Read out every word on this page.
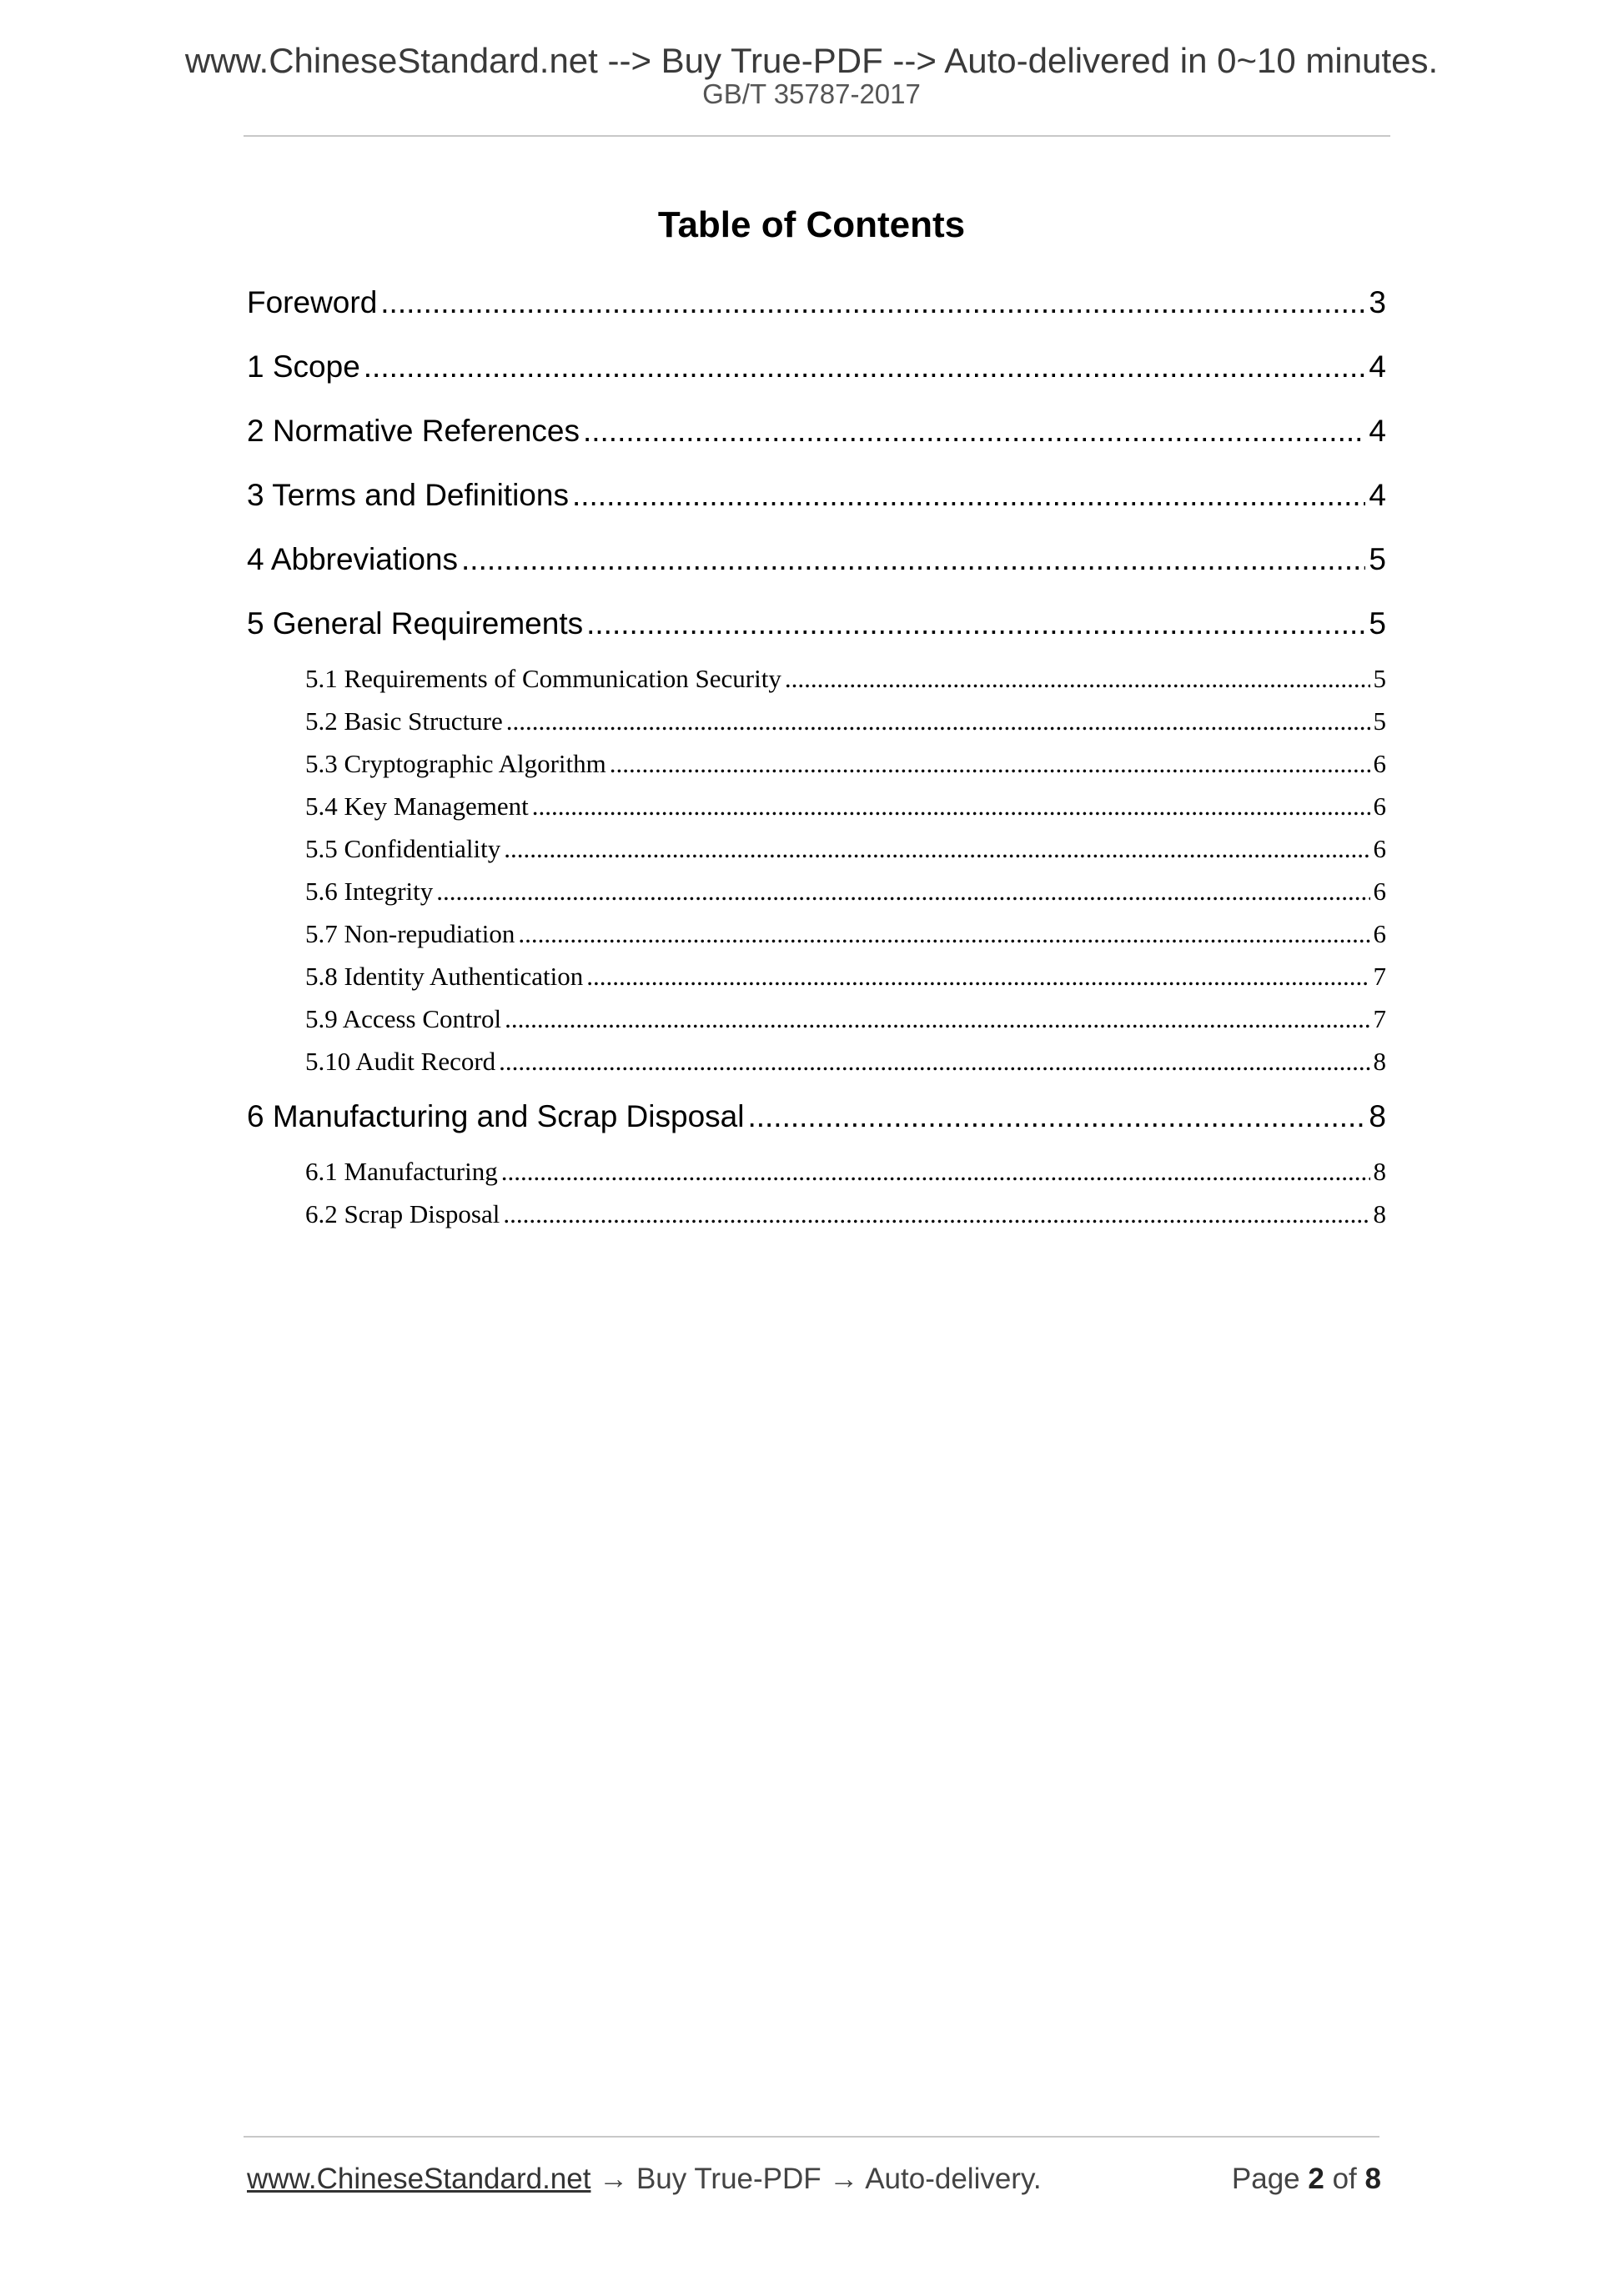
www.ChineseStandard.net --> Buy True-PDF --> Auto-delivered in 0~10 minutes.
GB/T 35787-2017
Table of Contents
Foreword .....	3
1 Scope .....	4
2 Normative References .....	4
3 Terms and Definitions .....	4
4 Abbreviations .....	5
5 General Requirements .....	5
5.1 Requirements of Communication Security .....	5
5.2 Basic Structure .....	5
5.3 Cryptographic Algorithm .....	6
5.4 Key Management .....	6
5.5 Confidentiality .....	6
5.6 Integrity .....	6
5.7 Non-repudiation .....	6
5.8 Identity Authentication .....	7
5.9 Access Control .....	7
5.10 Audit Record .....	8
6 Manufacturing and Scrap Disposal .....	8
6.1 Manufacturing .....	8
6.2 Scrap Disposal .....	8
www.ChineseStandard.net → Buy True-PDF → Auto-delivery.	Page 2 of 8
